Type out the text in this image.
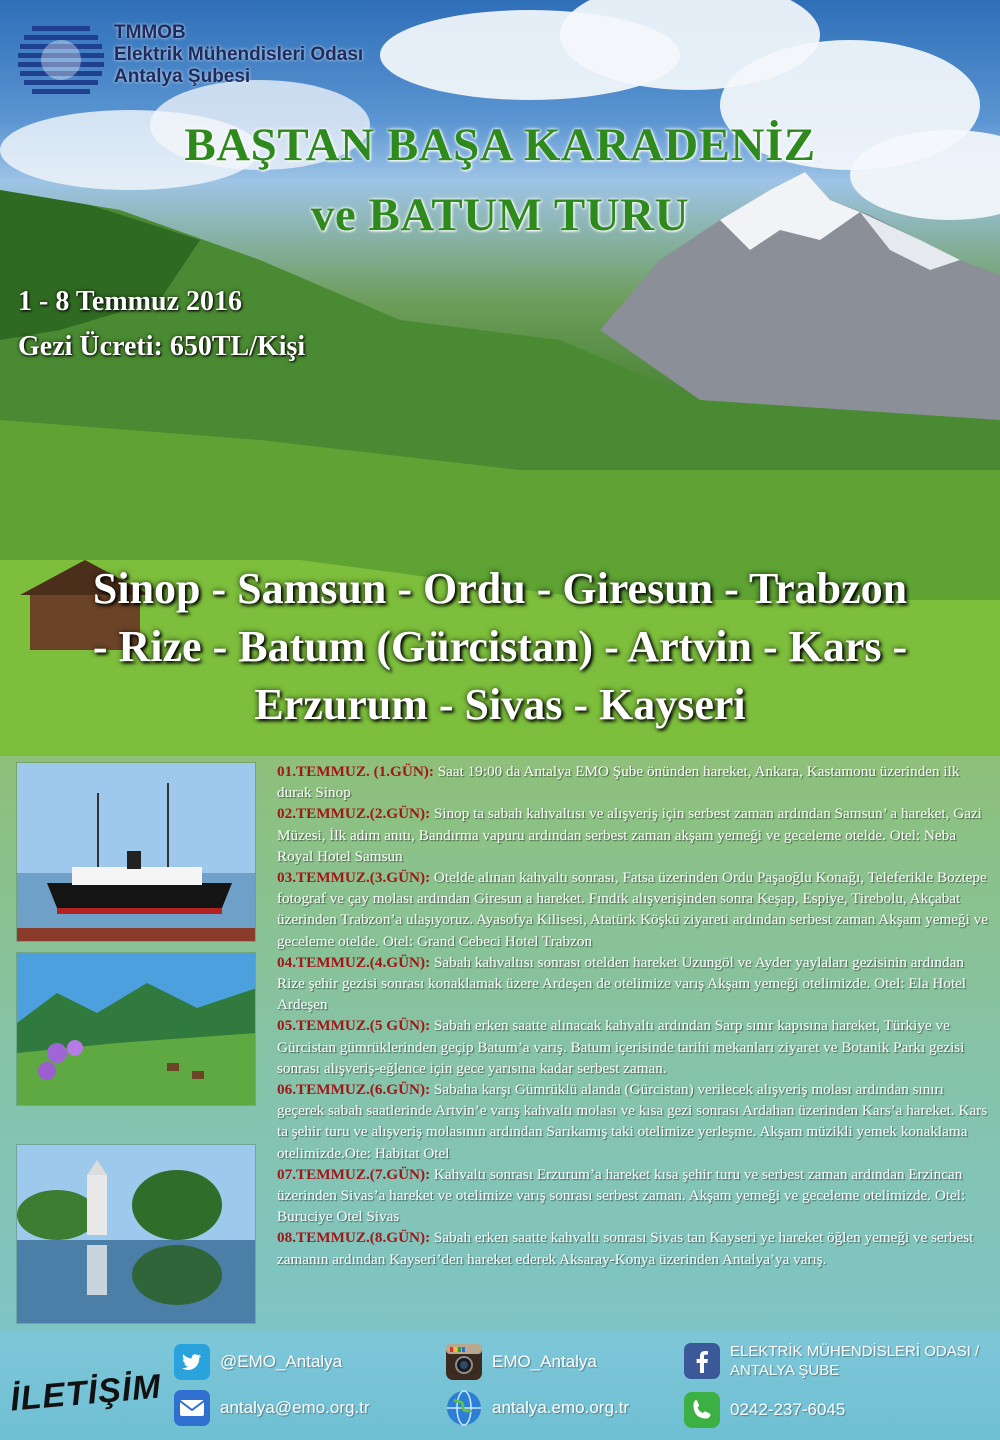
TMMOB
Elektrik Mühendisleri Odası
Antalya Şubesi
BAŞTAN BAŞA KARADENİZ
ve BATUM TURU
1 - 8 Temmuz 2016
Gezi Ücreti: 650TL/Kişi
Sinop - Samsun - Ordu - Giresun - Trabzon
- Rize - Batum (Gürcistan) - Artvin - Kars -
Erzurum - Sivas - Kayseri
01.TEMMUZ. (1.GÜN): Saat 19:00 da Antalya EMO Şube önünden hareket, Ankara, Kastamonu üzerinden ilk durak Sinop
02.TEMMUZ.(2.GÜN): Sinop ta sabah kahvaltısı ve alışveriş için serbest zaman ardından Samsun’ a hareket, Gazi Müzesi, İlk adım anıtı, Bandırma vapuru ardından serbest zaman akşam yemeği ve geceleme otelde. Otel: Neba Royal Hotel Samsun
03.TEMMUZ.(3.GÜN): Otelde alınan kahvaltı sonrası, Fatsa üzerinden Ordu Paşaoğlu Konağı, Teleferikle Boztepe fotograf ve çay molası ardından Giresun a hareket. Fındık alışverişinden sonra Keşap, Espiye, Tirebolu, Akçabat üzerinden Trabzon’a ulaşıyoruz. Ayasofya Kilisesi, Atatürk Köşkü ziyareti ardından serbest zaman Akşam yemeği ve geceleme otelde. Otel: Grand Cebeci Hotel Trabzon
04.TEMMUZ.(4.GÜN): Sabah kahvaltısı sonrası otelden hareket Uzungöl ve Ayder yaylaları gezisinin ardından Rize şehir gezisi sonrası konaklamak üzere Ardeşen de otelimize varış Akşam yemeği otelimizde. Otel: Ela Hotel Ardeşen
05.TEMMUZ.(5 GÜN): Sabah erken saatte alınacak kahvaltı ardından Sarp sınır kapısına hareket, Türkiye ve Gürcistan gümrüklerinden geçip Batum’a varış. Batum içerisinde tarihi mekanları ziyaret ve Botanik Parkı gezisi sonrası alışveriş-eğlence için gece yarısına kadar serbest zaman.
06.TEMMUZ.(6.GÜN): Sabaha karşı Gümrüklü alanda (Gürcistan) verilecek alışveriş molası ardından sınırı geçerek sabah saatlerinde Artvin’e varış kahvaltı molası ve kısa gezi sonrası Ardahan üzerinden Kars’a hareket. Kars ta şehir turu ve alışveriş molasının ardından Sarıkamış taki otelimize yerleşme. Akşam müzikli yemek konaklama otelimizde.Ote: Habitat Otel
07.TEMMUZ.(7.GÜN): Kahvaltı sonrası Erzurum’a hareket kısa şehir turu ve serbest zaman ardından Erzincan üzerinden Sivas’a hareket ve otelimize varış sonrası serbest zaman. Akşam yemeği ve geceleme otelimizde. Otel: Buruciye Otel Sivas
08.TEMMUZ.(8.GÜN): Sabah erken saatte kahvaltı sonrası Sivas tan Kayseri ye hareket öğlen yemeği ve serbest zamanın ardından Kayseri’den hareket ederek Aksaray-Konya üzerinden Antalya’ya varış.
İLETİŞİM
@EMO_Antalya	EMO_Antalya
ELEKTRİK MÜHENDİSLERİ ODASI /
ANTALYA ŞUBE
antalya@emo.org.tr	antalya.emo.org.tr	0242-237-6045
